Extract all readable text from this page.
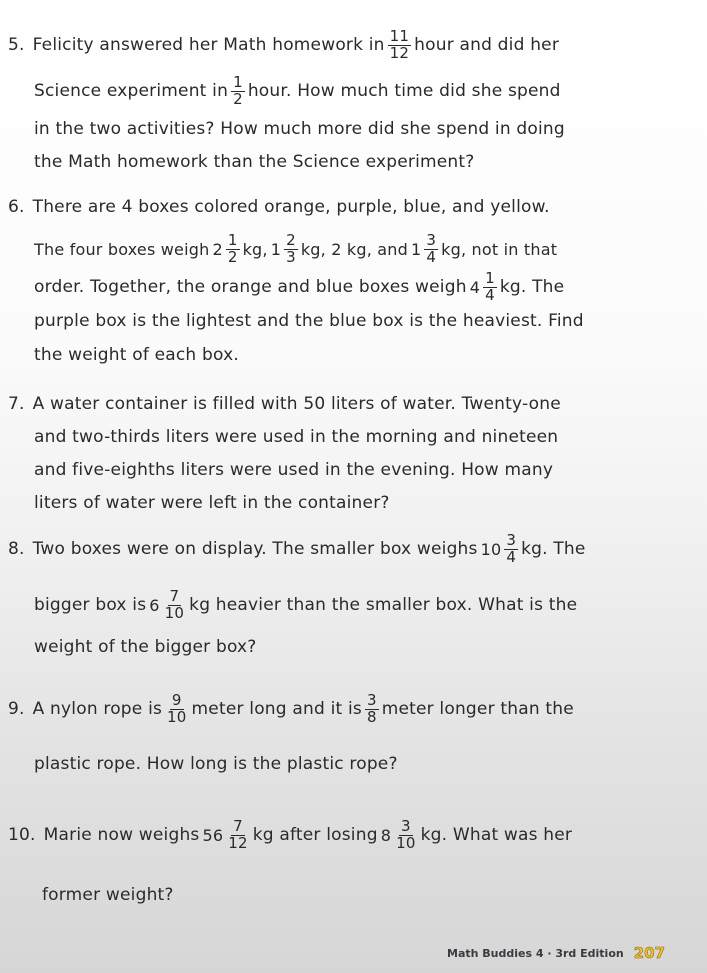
5. Felicity answered her Math homework in $\frac{11}{12}$ hour and did her
Science experiment in $\frac{1}{2}$ hour. How much time did she spend
in the two activities? How much more did she spend in doing
the Math homework than the Science experiment?
6. There are 4 boxes colored orange, purple, blue, and yellow.
The four boxes weigh $2 \frac{1}{2}$ kg, $1 \frac{2}{3}$ kg, 2 kg, and $1 \frac{3}{4}$ kg, not in that
order. Together, the orange and blue boxes weigh $4 \frac{1}{4}$ kg. The
purple box is the lightest and the blue box is the heaviest. Find
the weight of each box.
7. A water container is filled with 50 liters of water. Twenty-one
and two-thirds liters were used in the morning and nineteen
and five-eighths liters were used in the evening. How many
liters of water were left in the container?
8. Two boxes were on display. The smaller box weighs $10 \frac{3}{4}$ kg. The
bigger box is $6 \frac{7}{10}$ kg heavier than the smaller box. What is the
weight of the bigger box?
9. A nylon rope is $\frac{9}{10}$ meter long and it is $\frac{3}{8}$ meter longer than the
plastic rope. How long is the plastic rope?
10. Marie now weighs $56 \frac{7}{12}$ kg after losing $8 \frac{3}{10}$ kg. What was her
former weight?
Math Buddies 4 · 3rd Edition 207
